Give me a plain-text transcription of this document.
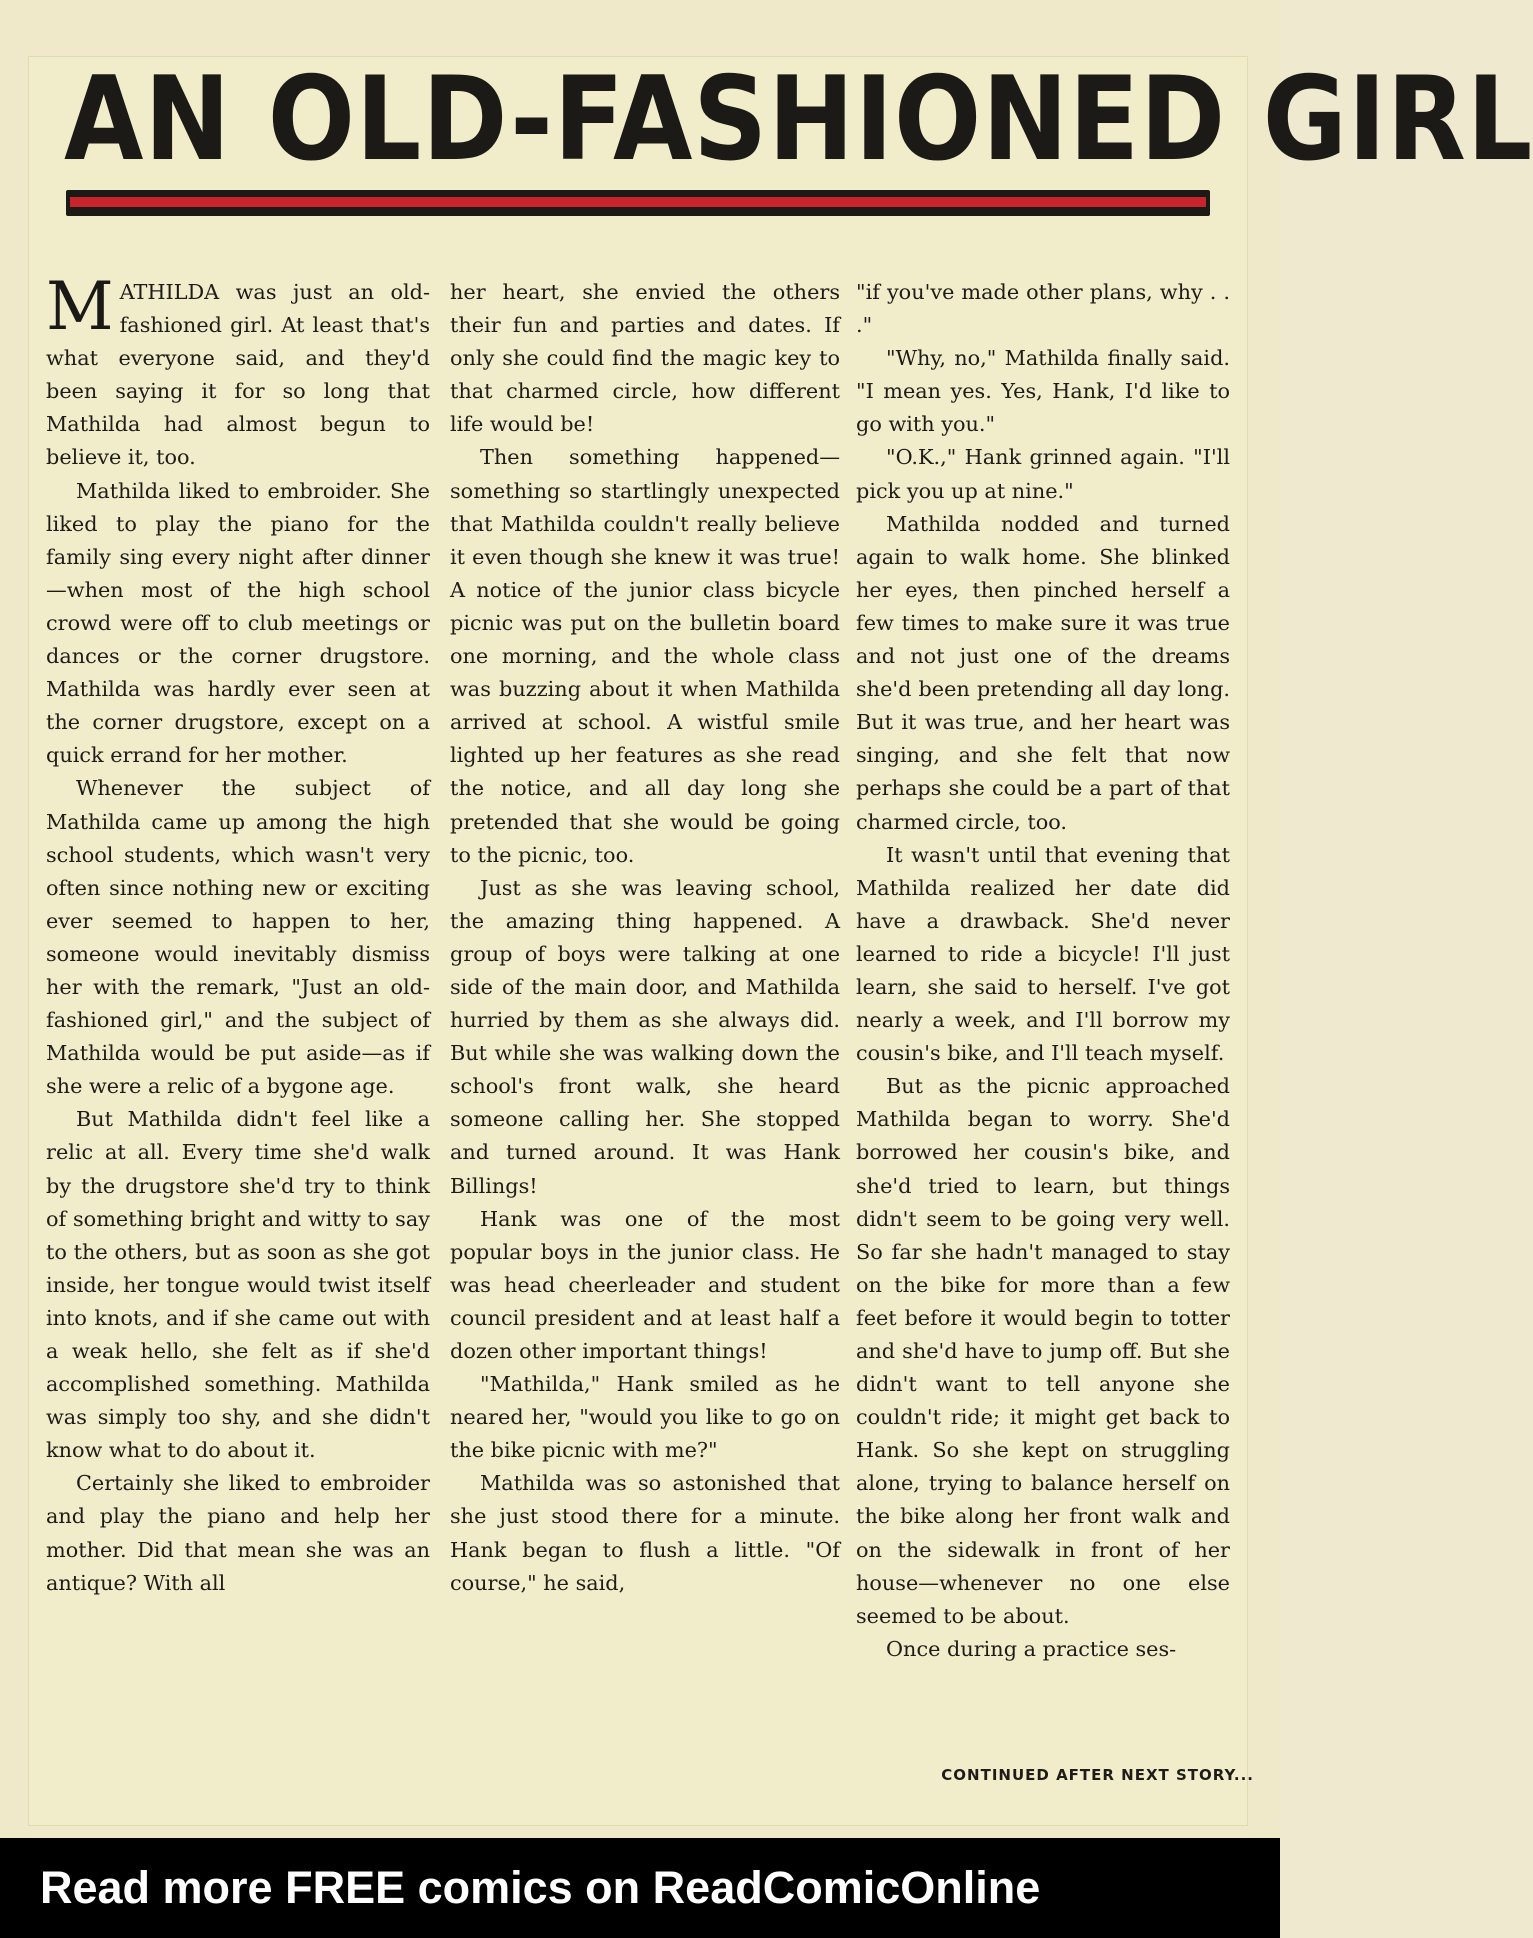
AN OLD-FASHIONED GIRL

MATHILDA was just an old-fashioned girl. At least that's what everyone said, and they'd been saying it for so long that Mathilda had almost begun to believe it, too.

Mathilda liked to embroider. She liked to play the piano for the family sing every night after dinner—when most of the high school crowd were off to club meetings or dances or the corner drugstore. Mathilda was hardly ever seen at the corner drugstore, except on a quick errand for her mother.

Whenever the subject of Mathilda came up among the high school students, which wasn't very often since nothing new or exciting ever seemed to happen to her, someone would inevitably dismiss her with the remark, "Just an old-fashioned girl," and the subject of Mathilda would be put aside—as if she were a relic of a bygone age.

But Mathilda didn't feel like a relic at all. Every time she'd walk by the drugstore she'd try to think of something bright and witty to say to the others, but as soon as she got inside, her tongue would twist itself into knots, and if she came out with a weak hello, she felt as if she'd accomplished something. Mathilda was simply too shy, and she didn't know what to do about it.

Certainly she liked to embroider and play the piano and help her mother. Did that mean she was an antique? With all

her heart, she envied the others their fun and parties and dates. If only she could find the magic key to that charmed circle, how different life would be!

Then something happened—something so startlingly unexpected that Mathilda couldn't really believe it even though she knew it was true! A notice of the junior class bicycle picnic was put on the bulletin board one morning, and the whole class was buzzing about it when Mathilda arrived at school. A wistful smile lighted up her features as she read the notice, and all day long she pretended that she would be going to the picnic, too.

Just as she was leaving school, the amazing thing happened. A group of boys were talking at one side of the main door, and Mathilda hurried by them as she always did. But while she was walking down the school's front walk, she heard someone calling her. She stopped and turned around. It was Hank Billings!

Hank was one of the most popular boys in the junior class. He was head cheerleader and student council president and at least half a dozen other important things!

"Mathilda," Hank smiled as he neared her, "would you like to go on the bike picnic with me?"

Mathilda was so astonished that she just stood there for a minute. Hank began to flush a little. "Of course," he said,

"if you've made other plans, why . . ."

"Why, no," Mathilda finally said. "I mean yes. Yes, Hank, I'd like to go with you."

"O.K.," Hank grinned again. "I'll pick you up at nine."

Mathilda nodded and turned again to walk home. She blinked her eyes, then pinched herself a few times to make sure it was true and not just one of the dreams she'd been pretending all day long. But it was true, and her heart was singing, and she felt that now perhaps she could be a part of that charmed circle, too.

It wasn't until that evening that Mathilda realized her date did have a drawback. She'd never learned to ride a bicycle! I'll just learn, she said to herself. I've got nearly a week, and I'll borrow my cousin's bike, and I'll teach myself.

But as the picnic approached Mathilda began to worry. She'd borrowed her cousin's bike, and she'd tried to learn, but things didn't seem to be going very well. So far she hadn't managed to stay on the bike for more than a few feet before it would begin to totter and she'd have to jump off. But she didn't want to tell anyone she couldn't ride; it might get back to Hank. So she kept on struggling alone, trying to balance herself on the bike along her front walk and on the sidewalk in front of her house—whenever no one else seemed to be about.

Once during a practice ses-

CONTINUED AFTER NEXT STORY...
Read more FREE comics on ReadComicOnline
